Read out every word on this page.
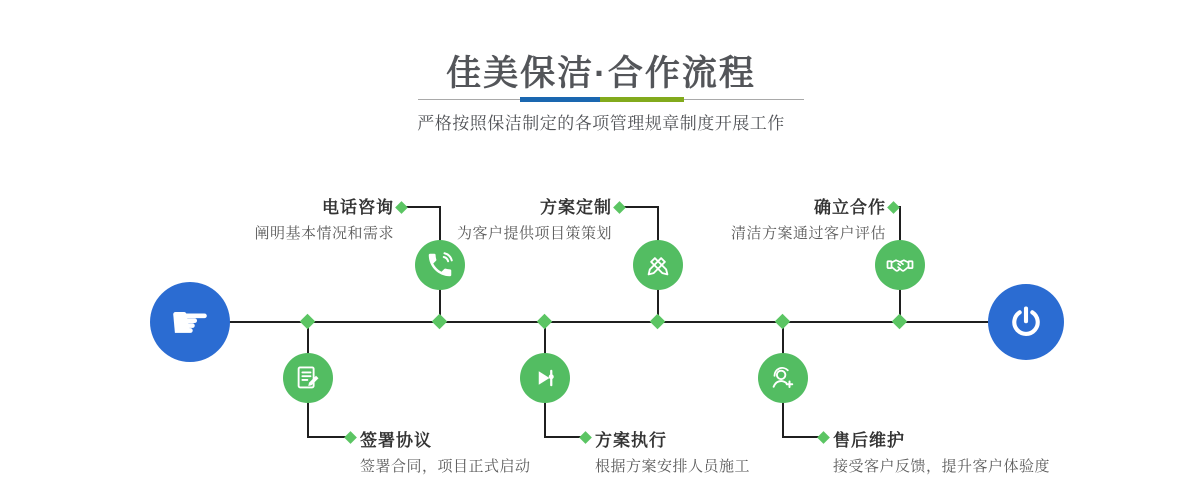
佳美保洁·合作流程
严格按照保洁制定的各项管理规章制度开展工作
电话咨询
阐明基本情况和需求
方案定制
为客户提供项目策策划
确立合作
清洁方案通过客户评估
签署协议
签署合同，项目正式启动
方案执行
根据方案安排人员施工
售后维护
接受客户反馈，提升客户体验度
☛
